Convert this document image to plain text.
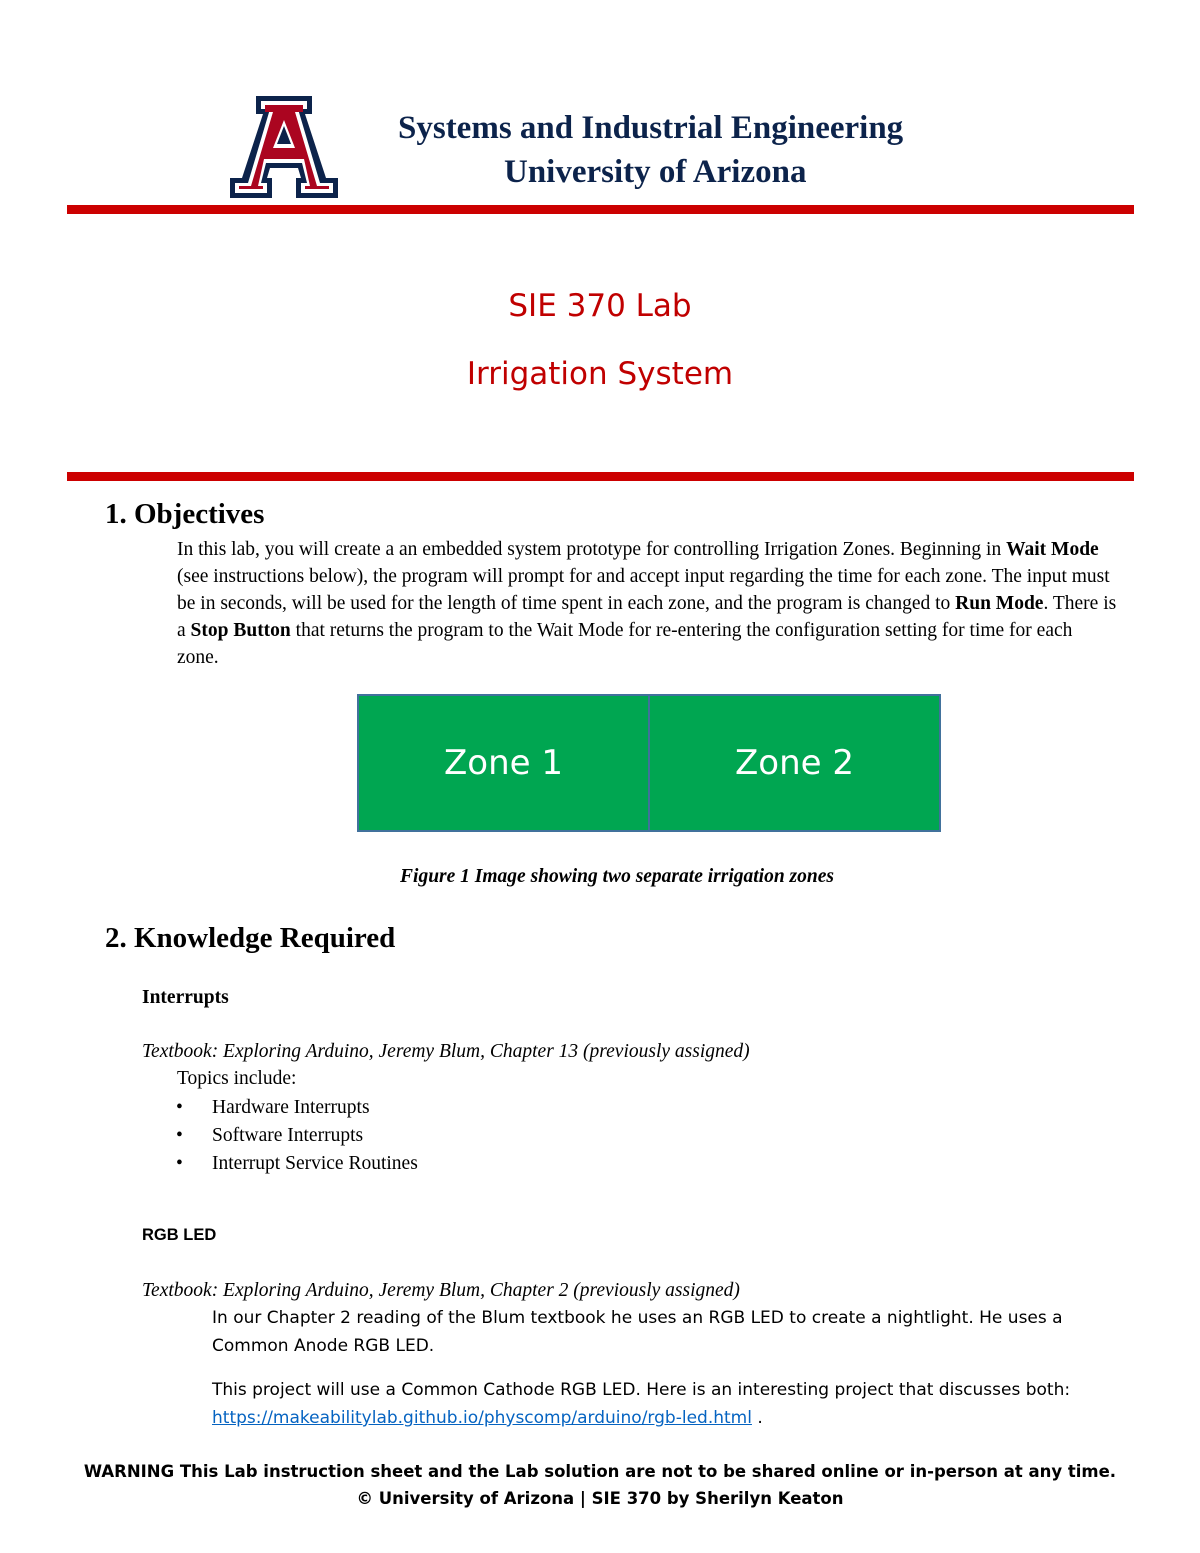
Systems and Industrial Engineering
University of Arizona
SIE 370 Lab
Irrigation System
1. Objectives
In this lab, you will create a an embedded system prototype for controlling Irrigation Zones. Beginning in Wait Mode (see instructions below), the program will prompt for and accept input regarding the time for each zone. The input must be in seconds, will be used for the length of time spent in each zone, and the program is changed to Run Mode. There is a Stop Button that returns the program to the Wait Mode for re-entering the configuration setting for time for each zone.
Zone 1	Zone 2
Figure 1 Image showing two separate irrigation zones
2. Knowledge Required
Interrupts
Textbook: Exploring Arduino, Jeremy Blum, Chapter 13 (previously assigned)
Topics include:
• Hardware Interrupts
• Software Interrupts
• Interrupt Service Routines
RGB LED
Textbook: Exploring Arduino, Jeremy Blum, Chapter 2 (previously assigned)
In our Chapter 2 reading of the Blum textbook he uses an RGB LED to create a nightlight. He uses a Common Anode RGB LED.
This project will use a Common Cathode RGB LED. Here is an interesting project that discusses both:
https://makeabilitylab.github.io/physcomp/arduino/rgb-led.html .
WARNING This Lab instruction sheet and the Lab solution are not to be shared online or in-person at any time.
© University of Arizona | SIE 370 by Sherilyn Keaton
